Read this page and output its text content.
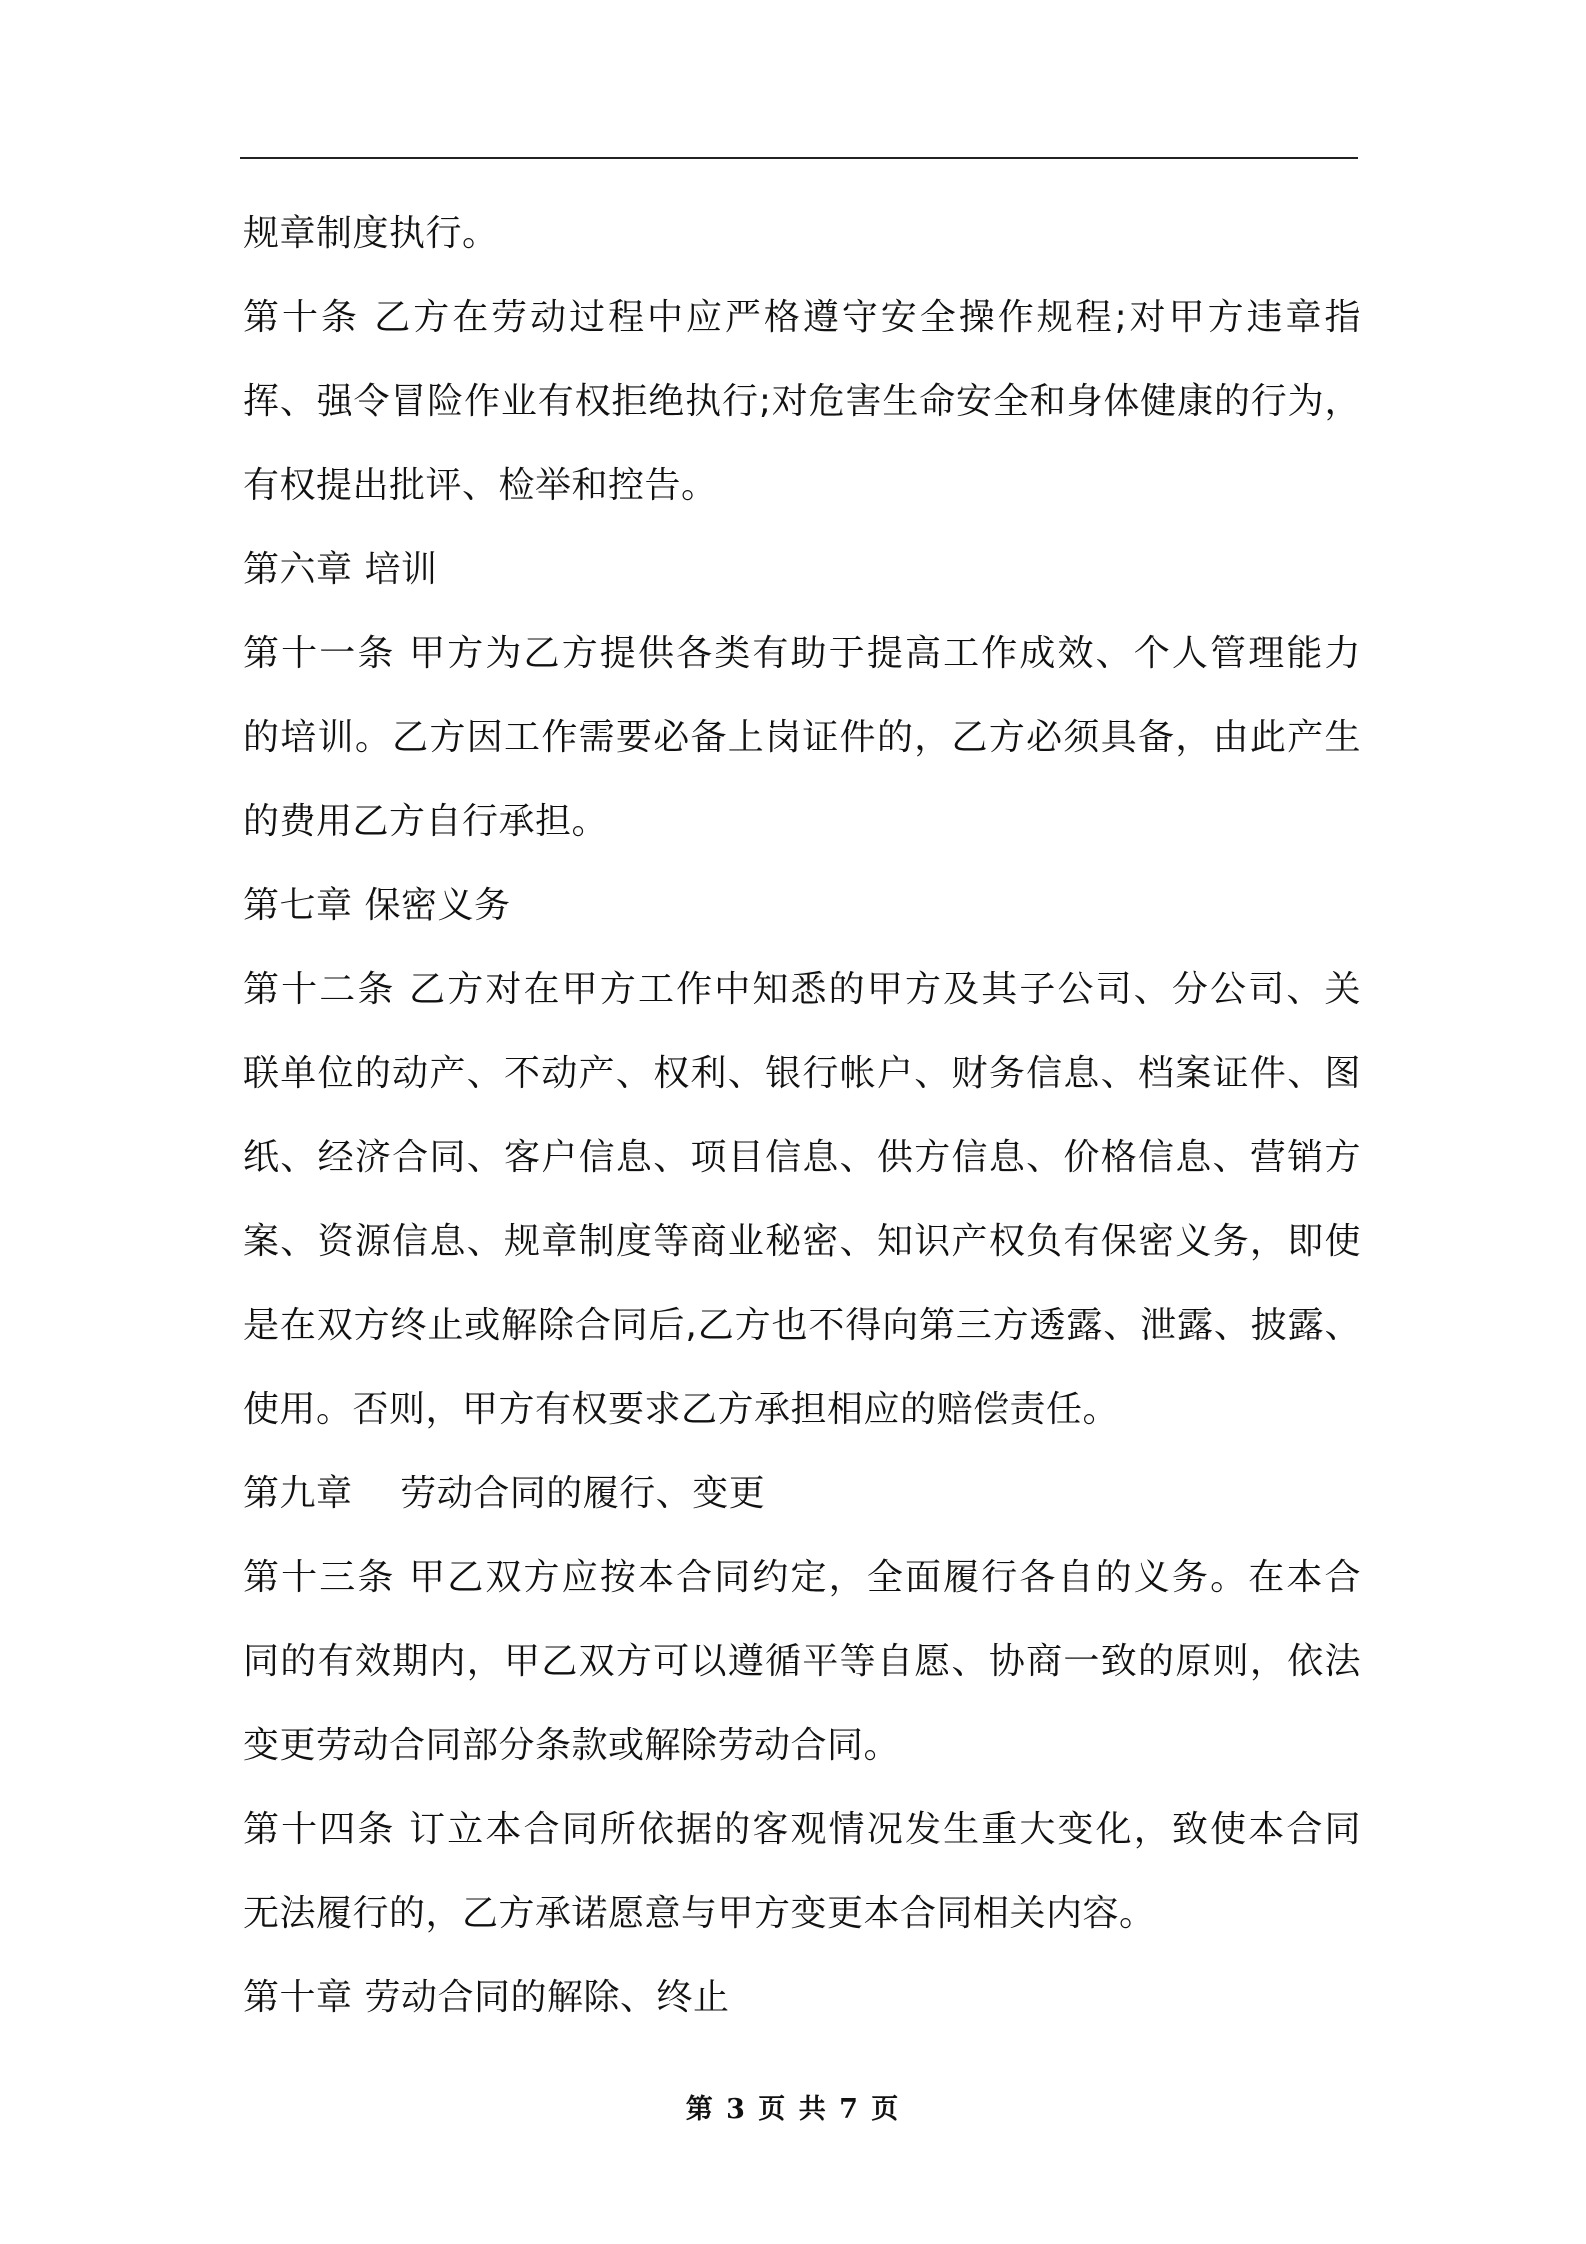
规章制度执行。
第十条 乙方在劳动过程中应严格遵守安全操作规程;对甲方违章指
挥、强令冒险作业有权拒绝执行;对危害生命安全和身体健康的行为，
有权提出批评、检举和控告。
第六章 培训
第十一条 甲方为乙方提供各类有助于提高工作成效、个人管理能力
的培训。乙方因工作需要必备上岗证件的，乙方必须具备，由此产生
的费用乙方自行承担。
第七章 保密义务
第十二条 乙方对在甲方工作中知悉的甲方及其子公司、分公司、关
联单位的动产、不动产、权利、银行帐户、财务信息、档案证件、图
纸、经济合同、客户信息、项目信息、供方信息、价格信息、营销方
案、资源信息、规章制度等商业秘密、知识产权负有保密义务，即使
是在双方终止或解除合同后,乙方也不得向第三方透露、泄露、披露、
使用。否则，甲方有权要求乙方承担相应的赔偿责任。
第九章    劳动合同的履行、变更
第十三条 甲乙双方应按本合同约定，全面履行各自的义务。在本合
同的有效期内，甲乙双方可以遵循平等自愿、协商一致的原则，依法
变更劳动合同部分条款或解除劳动合同。
第十四条 订立本合同所依据的客观情况发生重大变化，致使本合同
无法履行的，乙方承诺愿意与甲方变更本合同相关内容。
第十章 劳动合同的解除、终止
第 3 页 共 7 页
